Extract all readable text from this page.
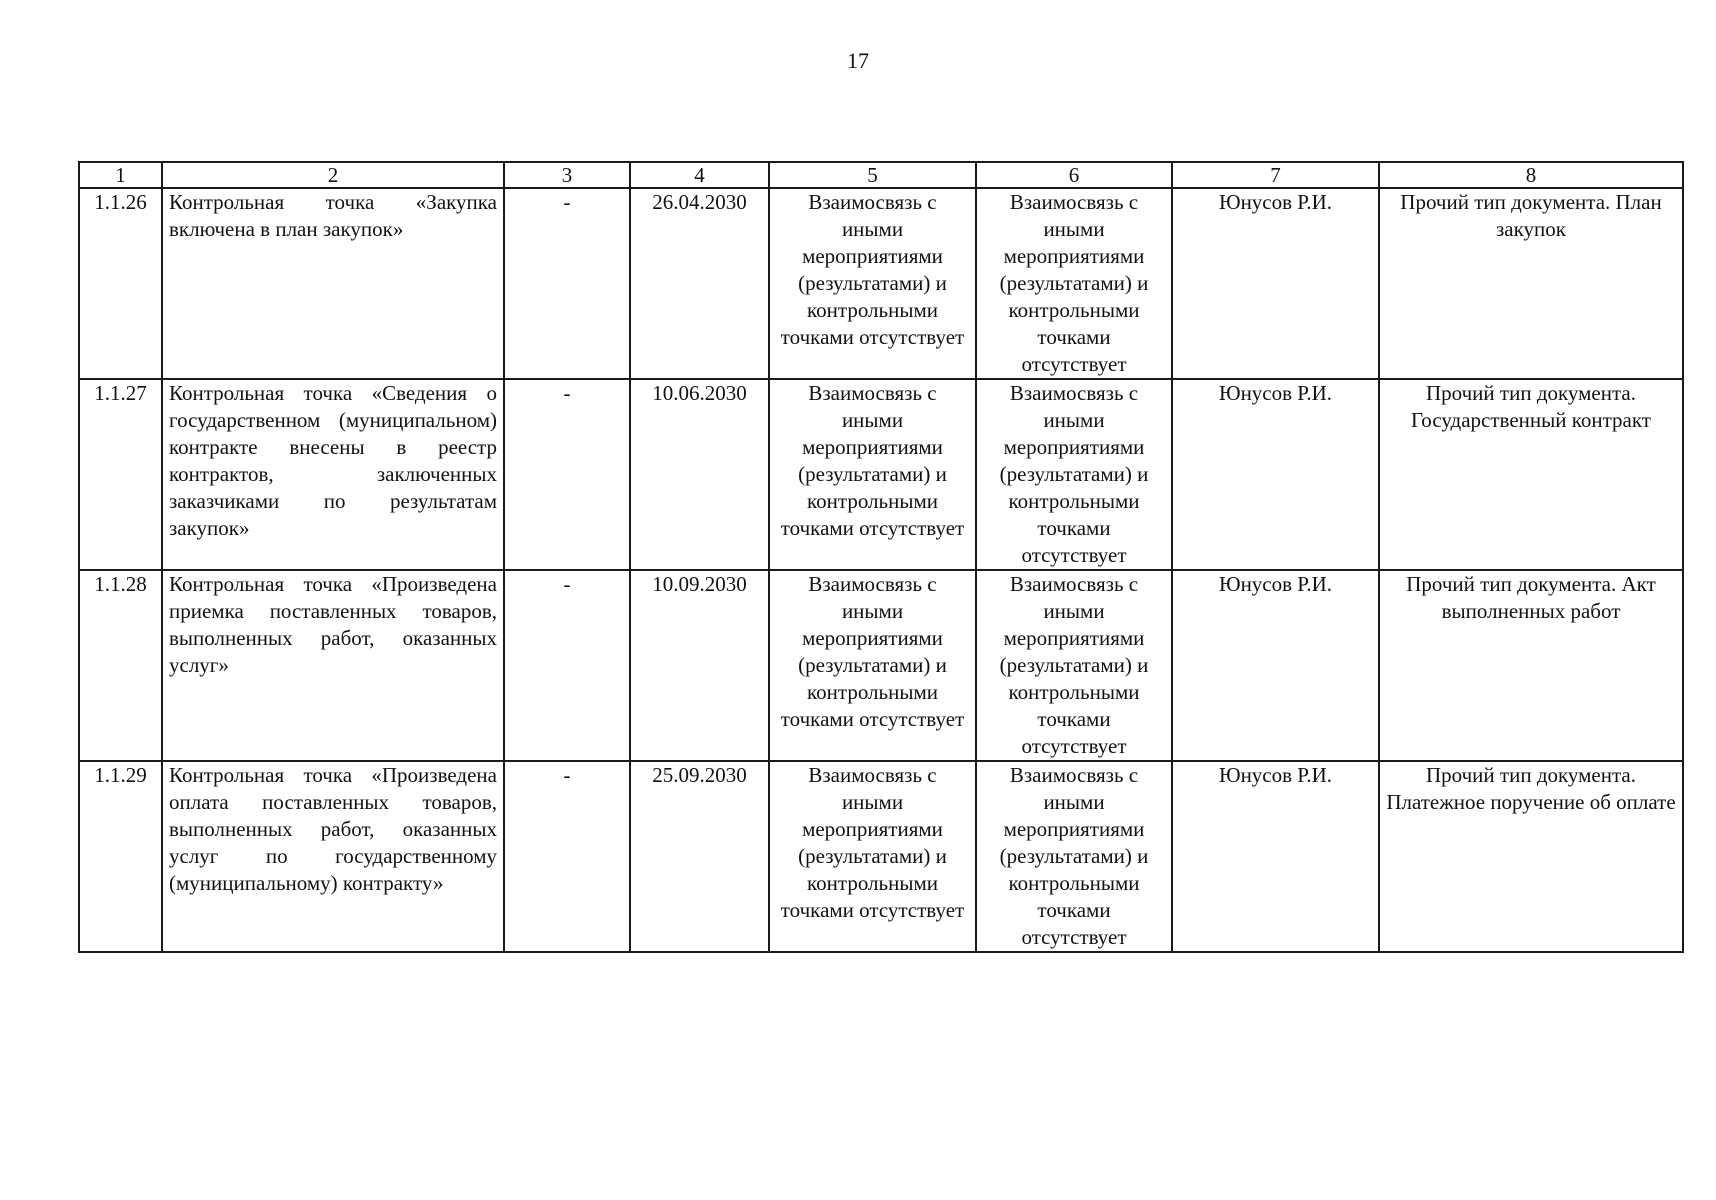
17
1	2	3	4	5	6	7	8
1.1.26	Контрольная точка «Закупка включена в план закупок»	-	26.04.2030	Взаимосвязь с иными мероприятиями (результатами) и контрольными точками отсутствует	Взаимосвязь с иными мероприятиями (результатами) и контрольными точками отсутствует	Юнусов Р.И.	Прочий тип документа. План закупок
1.1.27	Контрольная точка «Сведения о государственном (муниципальном) контракте внесены в реестр контрактов, заключенных заказчиками по результатам закупок»	-	10.06.2030	Взаимосвязь с иными мероприятиями (результатами) и контрольными точками отсутствует	Взаимосвязь с иными мероприятиями (результатами) и контрольными точками отсутствует	Юнусов Р.И.	Прочий тип документа. Государственный контракт
1.1.28	Контрольная точка «Произведена приемка поставленных товаров, выполненных работ, оказанных услуг»	-	10.09.2030	Взаимосвязь с иными мероприятиями (результатами) и контрольными точками отсутствует	Взаимосвязь с иными мероприятиями (результатами) и контрольными точками отсутствует	Юнусов Р.И.	Прочий тип документа. Акт выполненных работ
1.1.29	Контрольная точка «Произведена оплата поставленных товаров, выполненных работ, оказанных услуг по государственному (муниципальному) контракту»	-	25.09.2030	Взаимосвязь с иными мероприятиями (результатами) и контрольными точками отсутствует	Взаимосвязь с иными мероприятиями (результатами) и контрольными точками отсутствует	Юнусов Р.И.	Прочий тип документа. Платежное поручение об оплате
